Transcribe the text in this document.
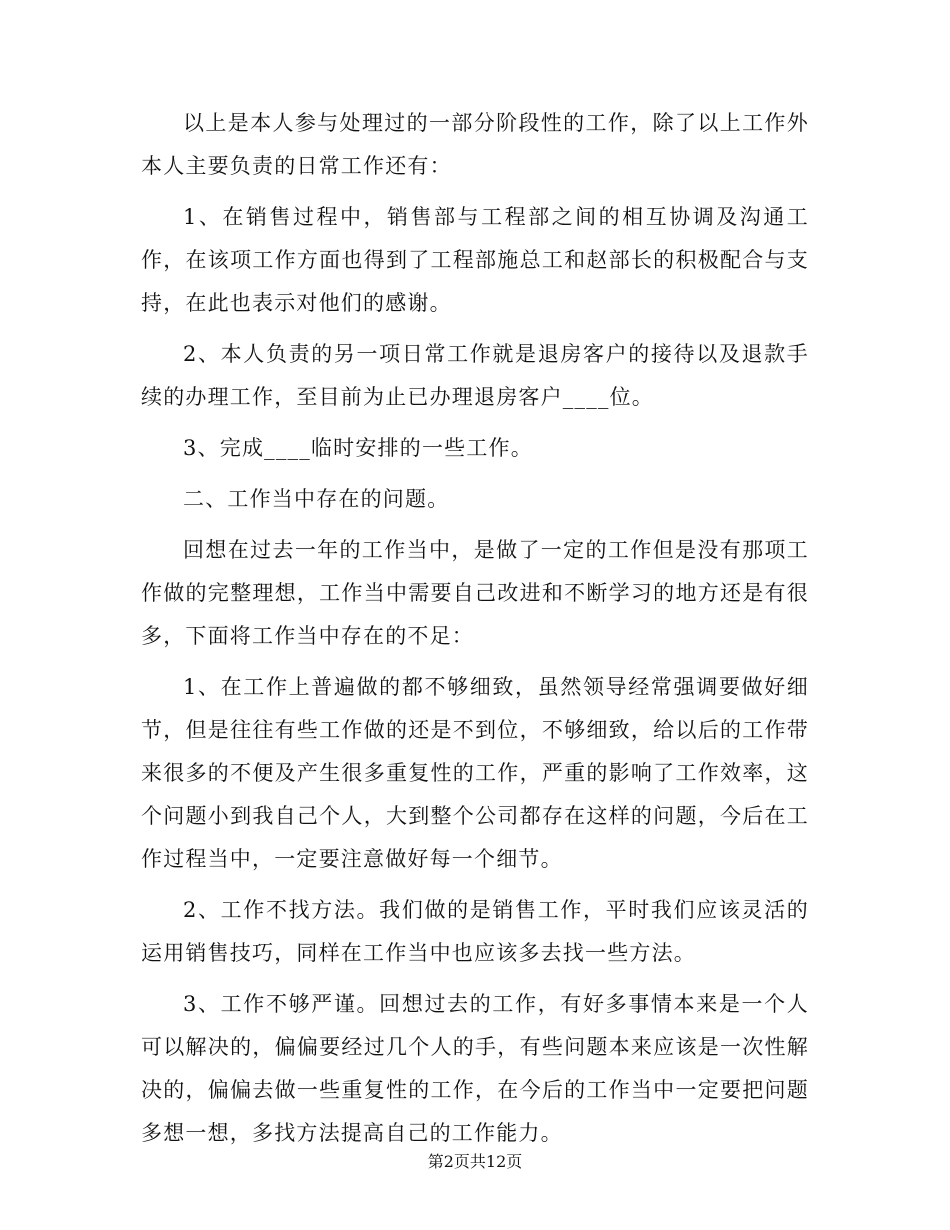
以上是本人参与处理过的一部分阶段性的工作，除了以上工作外本人主要负责的日常工作还有：

1、在销售过程中，销售部与工程部之间的相互协调及沟通工作，在该项工作方面也得到了工程部施总工和赵部长的积极配合与支持，在此也表示对他们的感谢。

2、本人负责的另一项日常工作就是退房客户的接待以及退款手续的办理工作，至目前为止已办理退房客户____位。

3、完成____临时安排的一些工作。

二、工作当中存在的问题。

回想在过去一年的工作当中，是做了一定的工作但是没有那项工作做的完整理想，工作当中需要自己改进和不断学习的地方还是有很多，下面将工作当中存在的不足：

1、在工作上普遍做的都不够细致，虽然领导经常强调要做好细节，但是往往有些工作做的还是不到位，不够细致，给以后的工作带来很多的不便及产生很多重复性的工作，严重的影响了工作效率，这个问题小到我自己个人，大到整个公司都存在这样的问题，今后在工作过程当中，一定要注意做好每一个细节。

2、工作不找方法。我们做的是销售工作，平时我们应该灵活的运用销售技巧，同样在工作当中也应该多去找一些方法。

3、工作不够严谨。回想过去的工作，有好多事情本来是一个人可以解决的，偏偏要经过几个人的手，有些问题本来应该是一次性解决的，偏偏去做一些重复性的工作，在今后的工作当中一定要把问题多想一想，多找方法提高自己的工作能力。

第2页共12页
